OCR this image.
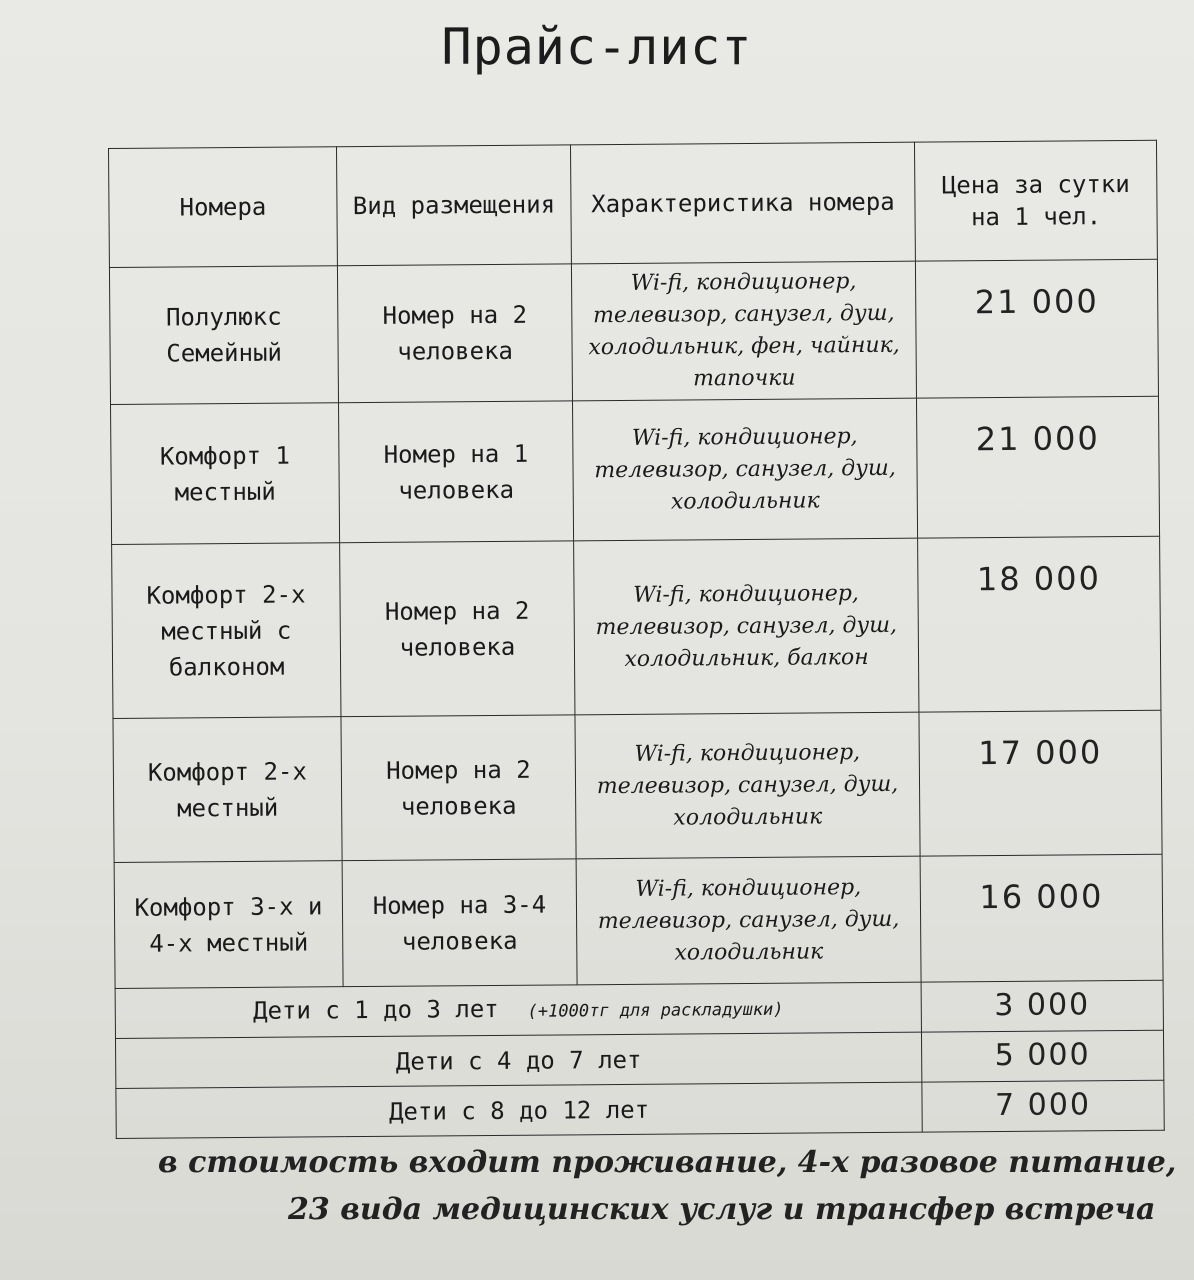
Прайс-лист
Номера	Вид размещения	Характеристика номера	Цена за сутки на 1 чел.
Полулюкс Семейный	Номер на 2 человека	Wi-fi, кондиционер, телевизор, санузел, душ, холодильник, фен, чайник, тапочки	21 000
Комфорт 1 местный	Номер на 1 человека	Wi-fi, кондиционер, телевизор, санузел, душ, холодильник	21 000
Комфорт 2-х местный с балконом	Номер на 2 человека	Wi-fi, кондиционер, телевизор, санузел, душ, холодильник, балкон	18 000
Комфорт 2-х местный	Номер на 2 человека	Wi-fi, кондиционер, телевизор, санузел, душ, холодильник	17 000
Комфорт 3-х и 4-х местный	Номер на 3-4 человека	Wi-fi, кондиционер, телевизор, санузел, душ, холодильник	16 000
Дети с 1 до 3 лет (+1000тг для раскладушки)			3 000
Дети с 4 до 7 лет			5 000
Дети с 8 до 12 лет			7 000
в стоимость входит проживание, 4-х разовое питание,
23 вида медицинских услуг и трансфер встреча
